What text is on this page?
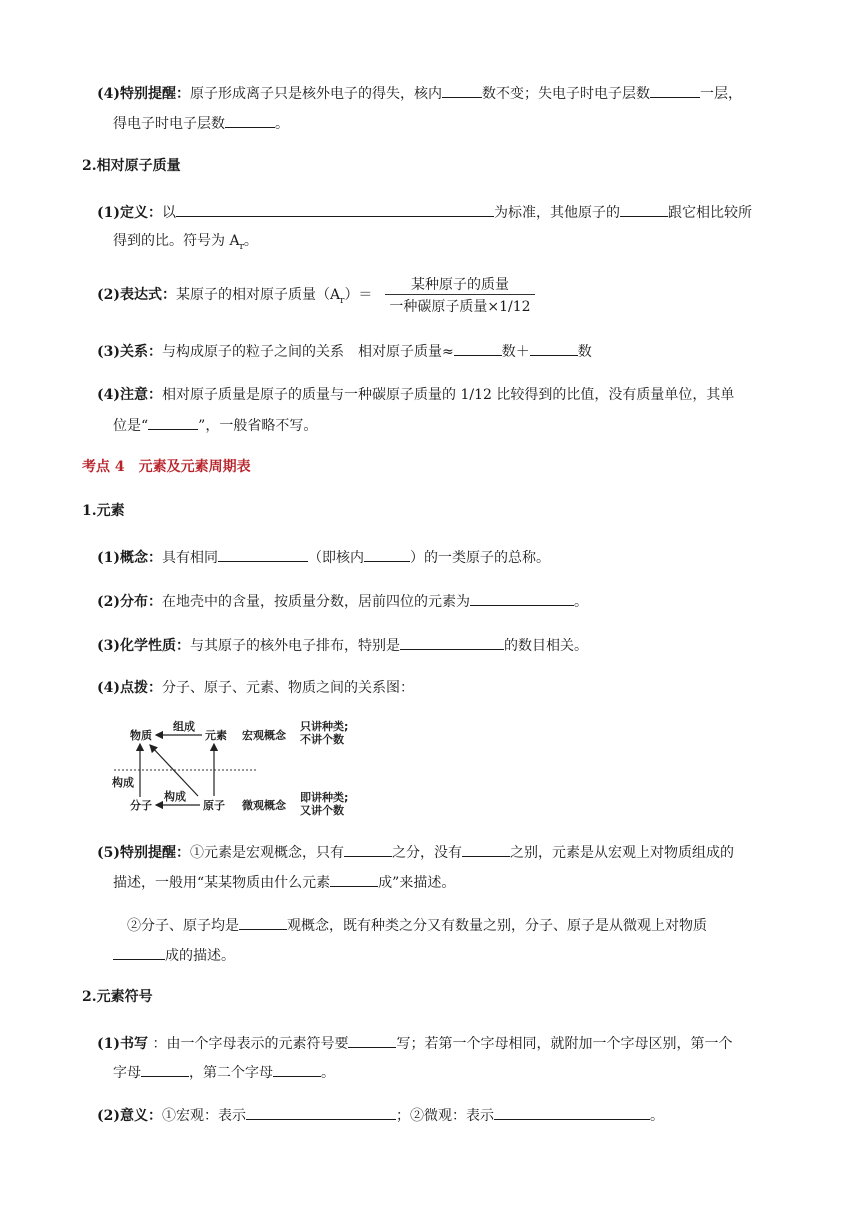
(4)特别提醒：原子形成离子只是核外电子的得失，核内	数不变；失电子时电子层数	一层，
得电子时电子层数	。
2.相对原子质量
(1)定义：以	为标准，其他原子的	跟它相比较所
得到的比。符号为 $A_r$。
(2)表达式：某原子的相对原子质量$(A_r)=$
某种原子的质量
一种碳原子质量×1/12
(3)关系：与构成原子的粒子之间的关系　相对原子质量≈	数＋	数
(4)注意：相对原子质量是原子的质量与一种碳原子质量的 1/12 比较得到的比值，没有质量单位，其单
位是“	”，一般省略不写。
考点 4　元素及元素周期表
1.元素
(1)概念：具有相同	（即核内	）的一类原子的总称。
(2)分布：在地壳中的含量，按质量分数，居前四位的元素为	。
(3)化学性质：与其原子的核外电子排布，特别是	的数目相关。
(4)点拨：分子、原子、元素、物质之间的关系图：
物质
组成
元素 宏观概念
只讲种类;
不讲个数
构成
分子
构成
原子 微观概念
即讲种类;
又讲个数
(5)特别提醒：①元素是宏观概念，只有	之分，没有	之别，元素是从宏观上对物质组成的
描述，一般用“某某物质由什么元素	成”来描述。
②分子、原子均是	观概念，既有种类之分又有数量之别，分子、原子是从微观上对物质
成的描述。
2.元素符号
(1)书写 ：由一个字母表示的元素符号要	写；若第一个字母相同，就附加一个字母区别，第一个
字母	，第二个字母	。
(2)意义：①宏观：表示	；②微观：表示	。
